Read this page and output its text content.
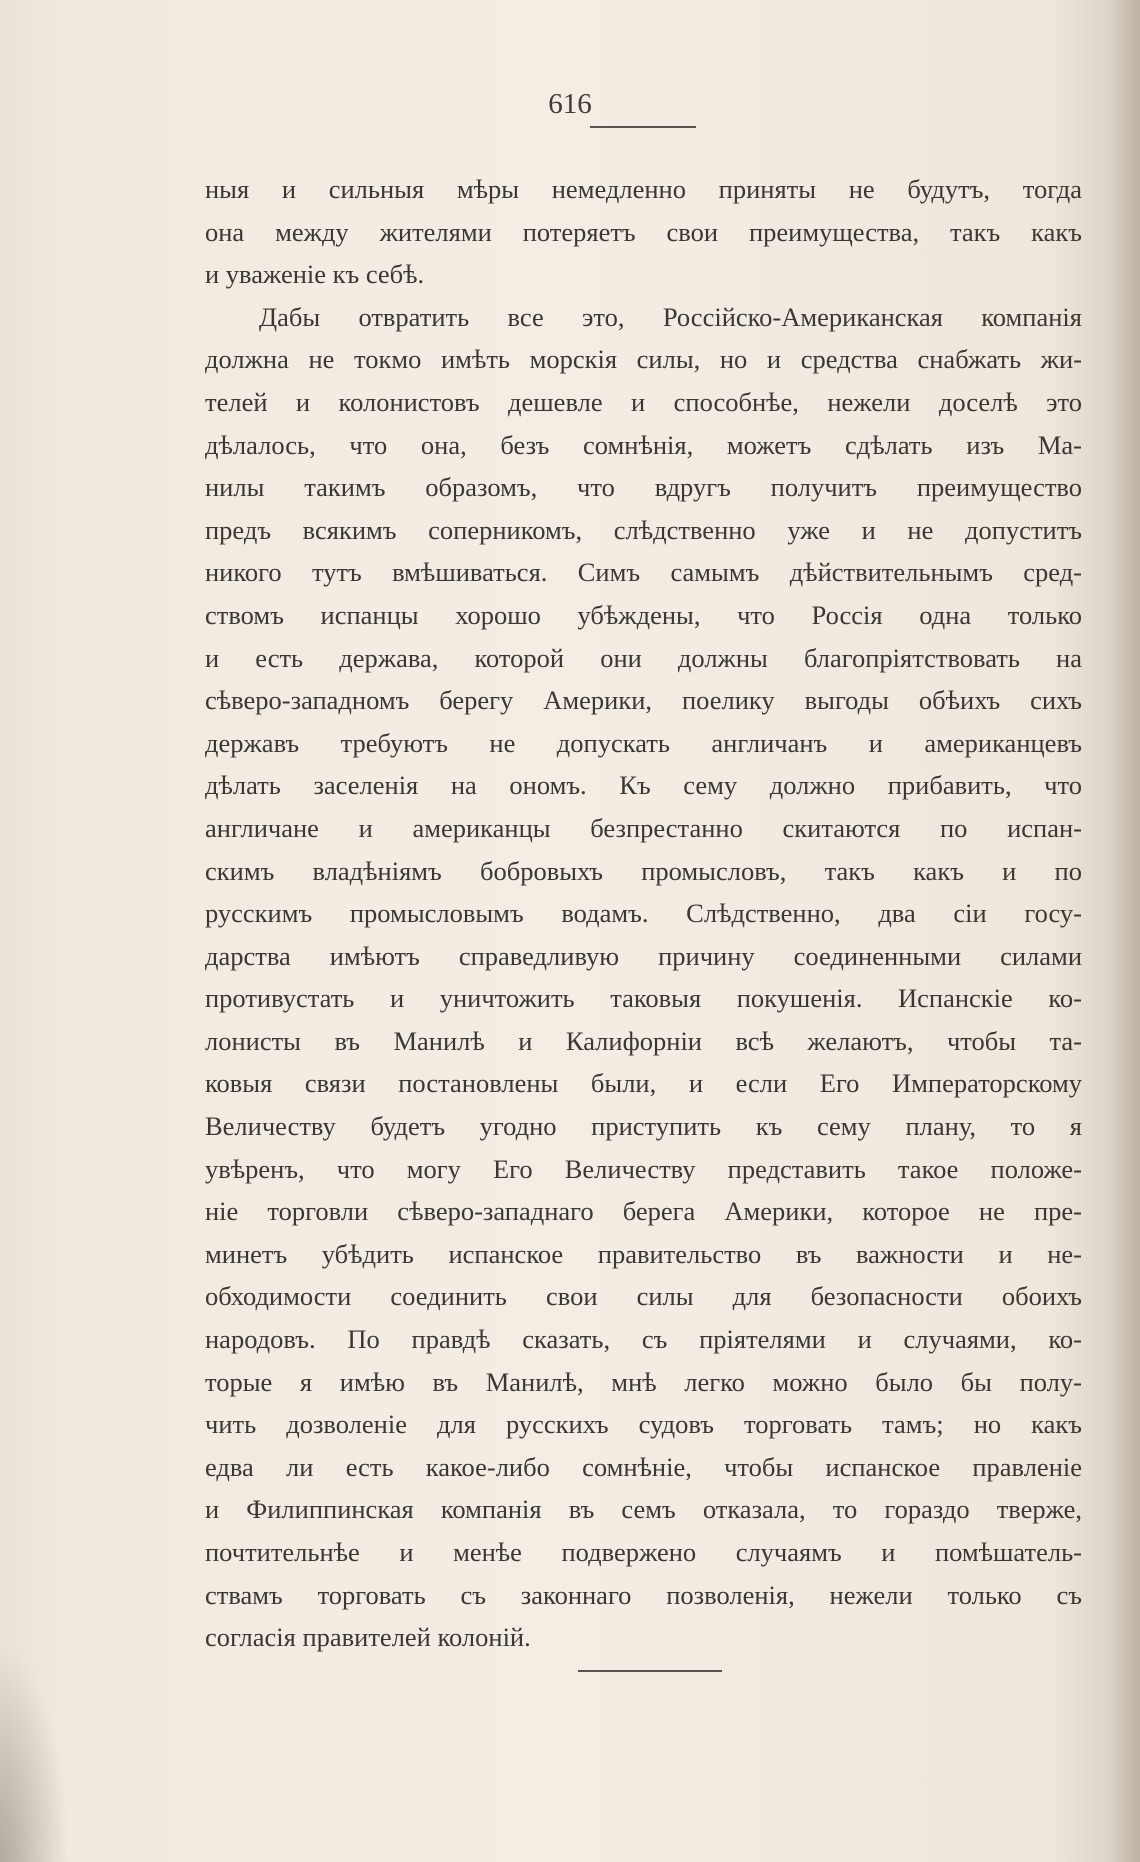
616
ныя и сильныя мѣры немедленно приняты не будутъ, тогда
она между жителями потеряетъ свои преимущества, такъ какъ
и уваженіе къ себѣ.
Дабы отвратить все это, Россійско-Американская компанія
должна не токмо имѣть морскія силы, но и средства снабжать жи-
телей и колонистовъ дешевле и способнѣе, нежели доселѣ это
дѣлалось, что она, безъ сомнѣнія, можетъ сдѣлать изъ Ма-
нилы такимъ образомъ, что вдругъ получитъ преимущество
предъ всякимъ соперникомъ, слѣдственно уже и не допуститъ
никого тутъ вмѣшиваться. Симъ самымъ дѣйствительнымъ сред-
ствомъ испанцы хорошо убѣждены, что Россія одна только
и есть держава, которой они должны благопріятствовать на
сѣверо-западномъ берегу Америки, поелику выгоды обѣихъ сихъ
державъ требуютъ не допускать англичанъ и американцевъ
дѣлать заселенія на ономъ. Къ сему должно прибавить, что
англичане и американцы безпрестанно скитаются по испан-
скимъ владѣніямъ бобровыхъ промысловъ, такъ какъ и по
русскимъ промысловымъ водамъ. Слѣдственно, два сіи госу-
дарства имѣютъ справедливую причину соединенными силами
противустать и уничтожить таковыя покушенія. Испанскіе ко-
лонисты въ Манилѣ и Калифорніи всѣ желаютъ, чтобы та-
ковыя связи постановлены были, и если Его Императорскому
Величеству будетъ угодно приступить къ сему плану, то я
увѣренъ, что могу Его Величеству представить такое положе-
ніе торговли сѣверо-западнаго берега Америки, которое не пре-
минетъ убѣдить испанское правительство въ важности и не-
обходимости соединить свои силы для безопасности обоихъ
народовъ. По правдѣ сказать, съ пріятелями и случаями, ко-
торые я имѣю въ Манилѣ, мнѣ легко можно было бы полу-
чить дозволеніе для русскихъ судовъ торговать тамъ; но какъ
едва ли есть какое-либо сомнѣніе, чтобы испанское правленіе
и Филиппинская компанія въ семъ отказала, то гораздо тверже,
почтительнѣе и менѣе подвержено случаямъ и помѣшатель-
ствамъ торговать съ законнаго позволенія, нежели только съ
согласія правителей колоній.
